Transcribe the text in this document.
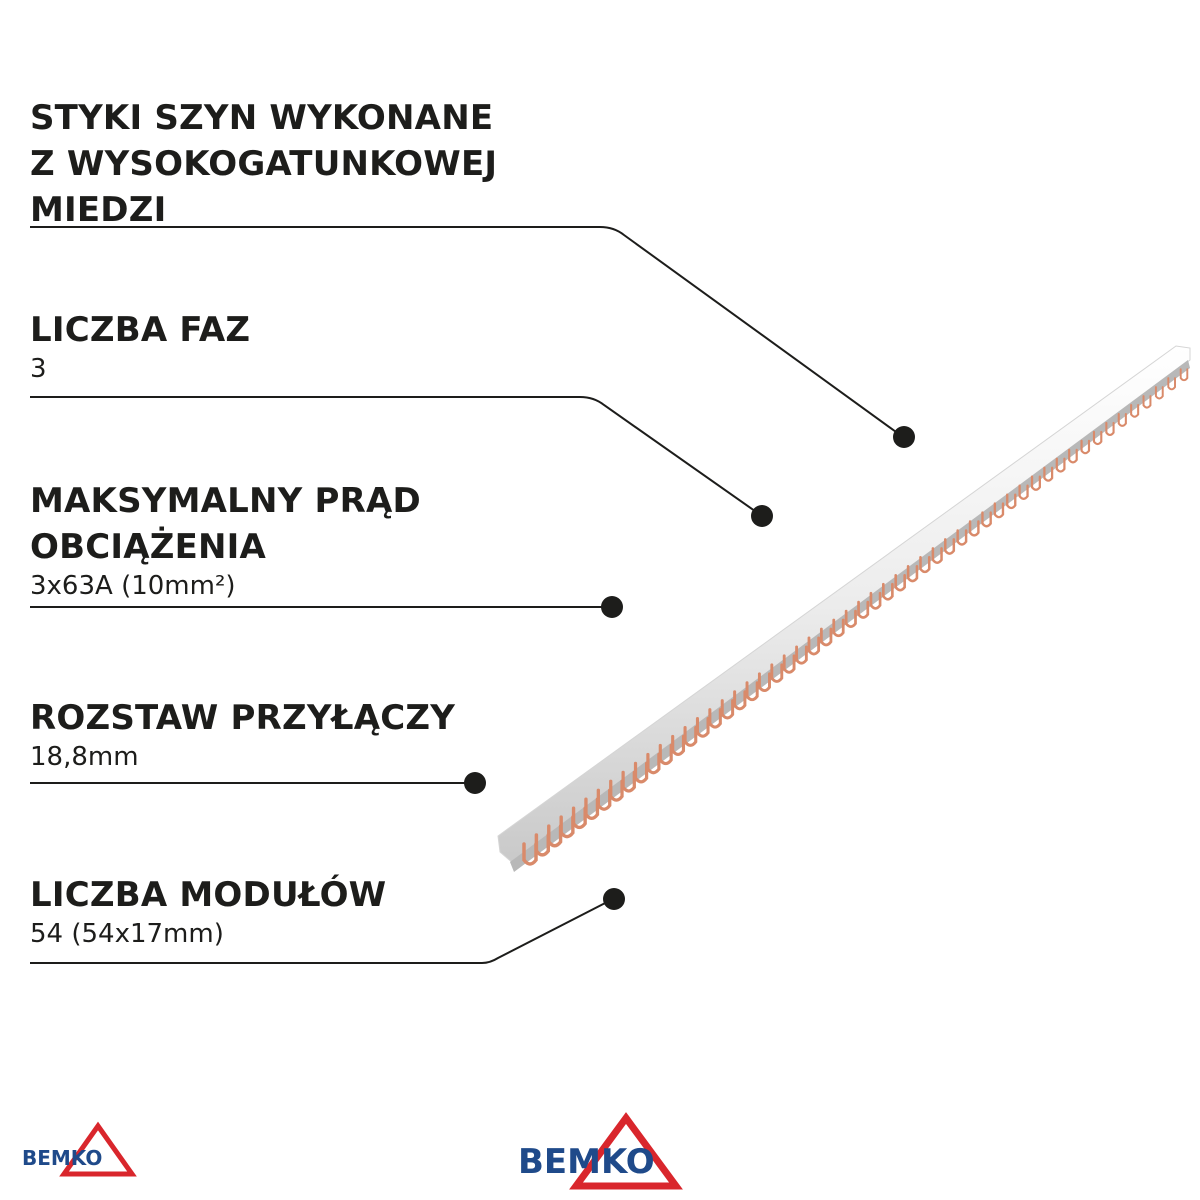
STYKI SZYN WYKONANE

Z WYSOKOGATUNKOWEJ

MIEDZI

LICZBA FAZ

3

MAKSYMALNY PRĄD

OBCIĄŻENIA

3x63A (10mm²)

ROZSTAW PRZYŁĄCZY

18,8mm

LICZBA MODUŁÓW

54 (54x17mm)

BEMKO	BEMKO
